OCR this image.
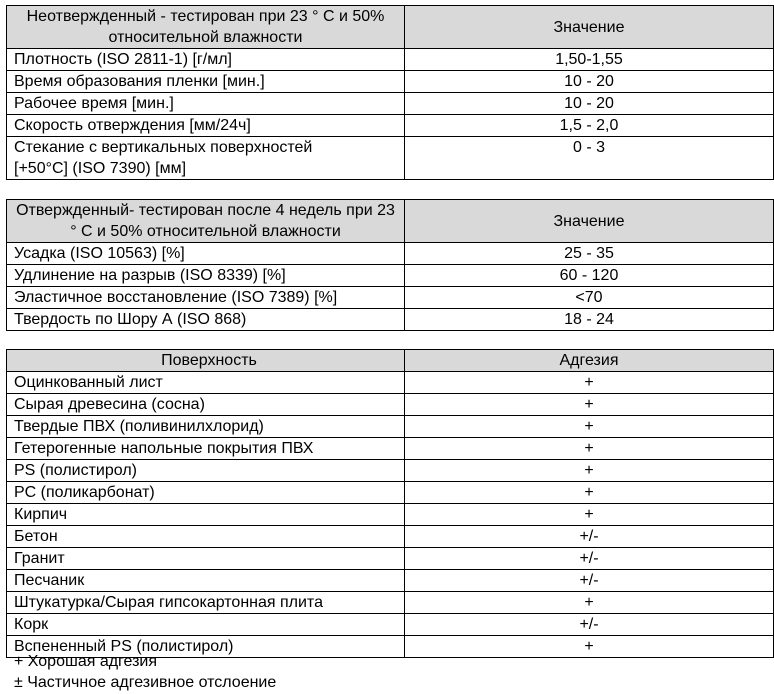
Неотвержденный - тестирован при 23 ° С и 50% относительной влажности	Значение
Плотность (ISO 2811-1) [г/мл]	1,50-1,55
Время образования пленки [мин.]	10 - 20
Рабочее время [мин.]	10 - 20
Скорость отверждения [мм/24ч]	1,5 - 2,0
Стекание с вертикальных поверхностей [+50°C] (ISO 7390) [мм]	0 - 3
Отвержденный- тестирован после 4 недель при 23 ° С и 50% относительной влажности	Значение
Усадка (ISO 10563) [%]	25 - 35
Удлинение на разрыв (ISO 8339) [%]	60 - 120
Эластичное восстановление (ISO 7389) [%]	<70
Твердость по Шору А (ISO 868)	18 - 24
Поверхность	Адгезия
Оцинкованный лист	+
Сырая древесина (сосна)	+
Твердые ПВХ (поливинилхлорид)	+
Гетерогенные напольные покрытия ПВХ	+
PS (полистирол)	+
PC (поликарбонат)	+
Кирпич	+
Бетон	+/-
Гранит	+/-
Песчаник	+/-
Штукатурка/Сырая гипсокартонная плита	+
Корк	+/-
Вспененный PS (полистирол)	+
+ Хорошая адгезия
± Частичное адгезивное отслоение
